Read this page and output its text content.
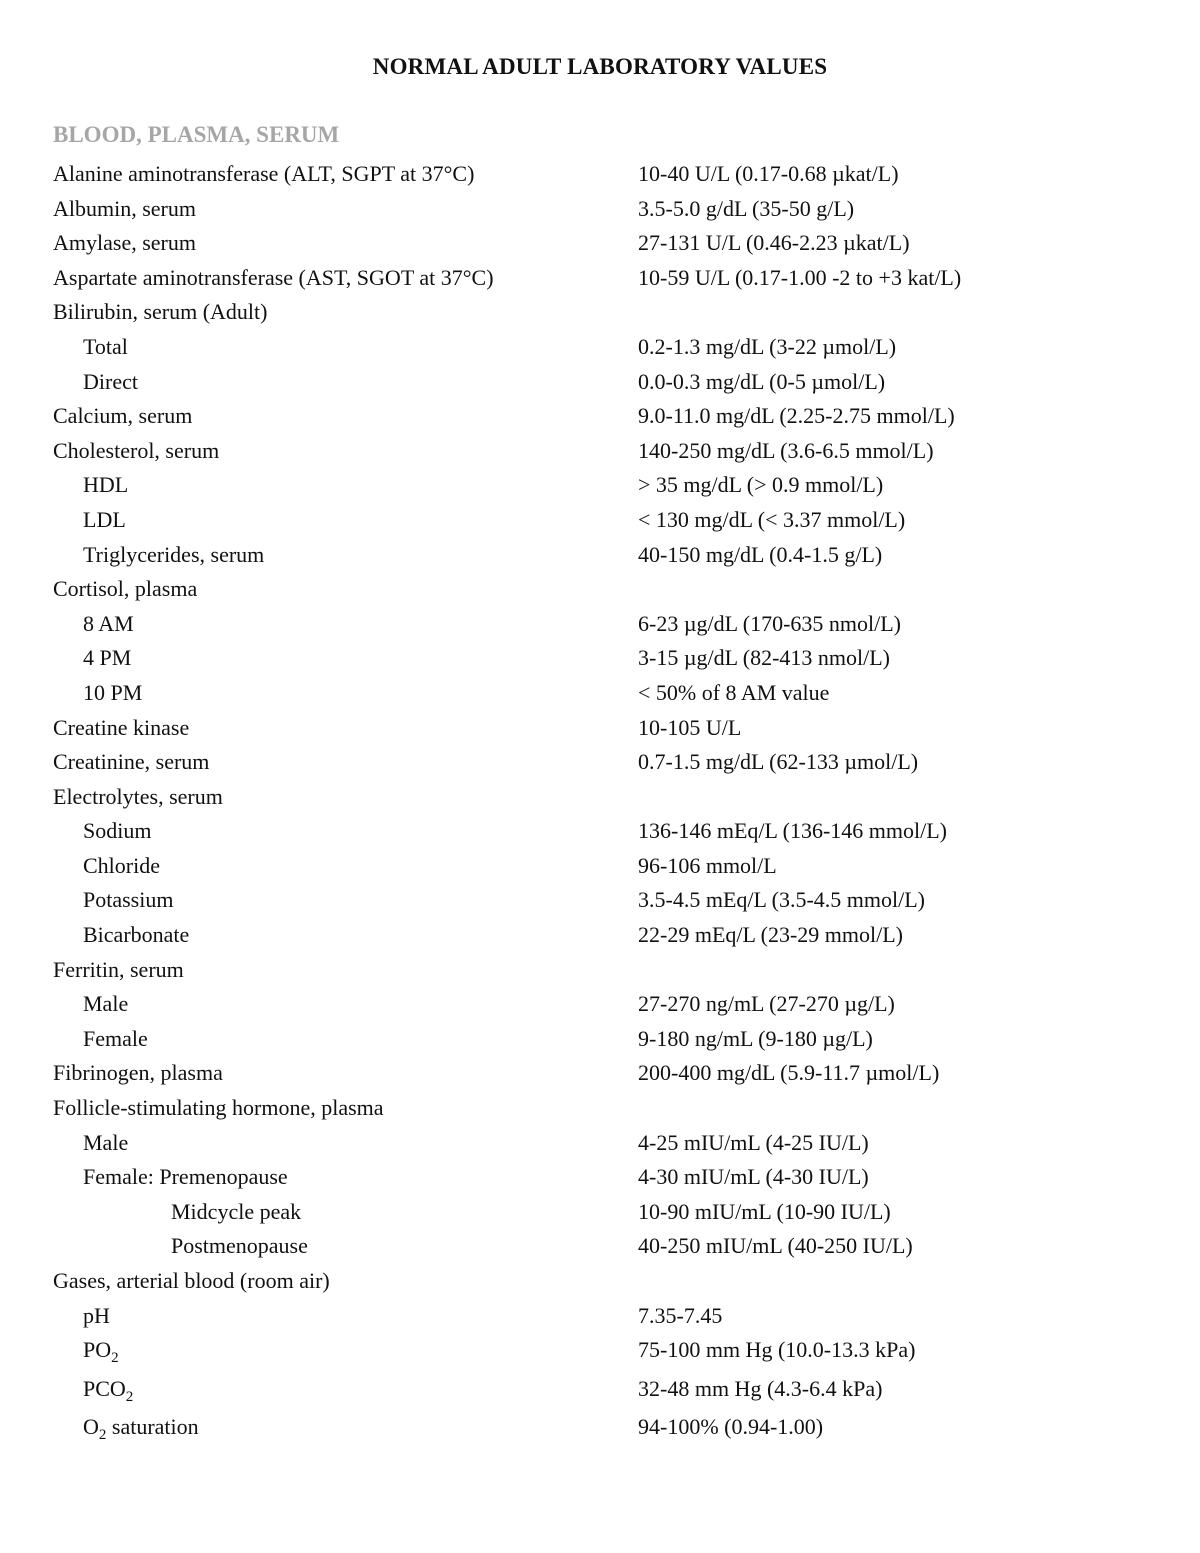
NORMAL ADULT LABORATORY VALUES
BLOOD, PLASMA, SERUM
Alanine aminotransferase (ALT, SGPT at 37°C)	10-40 U/L (0.17-0.68 µkat/L)
Albumin, serum	3.5-5.0 g/dL (35-50 g/L)
Amylase, serum	27-131 U/L (0.46-2.23 µkat/L)
Aspartate aminotransferase (AST, SGOT at 37°C)	10-59 U/L (0.17-1.00 -2 to +3 kat/L)
Bilirubin, serum (Adult)
Total	0.2-1.3 mg/dL (3-22 µmol/L)
Direct	0.0-0.3 mg/dL (0-5 µmol/L)
Calcium, serum	9.0-11.0 mg/dL (2.25-2.75 mmol/L)
Cholesterol, serum	140-250 mg/dL (3.6-6.5 mmol/L)
HDL	> 35 mg/dL (> 0.9 mmol/L)
LDL	< 130 mg/dL (< 3.37 mmol/L)
Triglycerides, serum	40-150 mg/dL (0.4-1.5 g/L)
Cortisol, plasma
8 AM	6-23 µg/dL (170-635 nmol/L)
4 PM	3-15 µg/dL (82-413 nmol/L)
10 PM	< 50% of 8 AM value
Creatine kinase	10-105 U/L
Creatinine, serum	0.7-1.5 mg/dL (62-133 µmol/L)
Electrolytes, serum
Sodium	136-146 mEq/L (136-146 mmol/L)
Chloride	96-106 mmol/L
Potassium	3.5-4.5 mEq/L (3.5-4.5 mmol/L)
Bicarbonate	22-29 mEq/L (23-29 mmol/L)
Ferritin, serum
Male	27-270 ng/mL (27-270 µg/L)
Female	9-180 ng/mL (9-180 µg/L)
Fibrinogen, plasma	200-400 mg/dL (5.9-11.7 µmol/L)
Follicle-stimulating hormone, plasma
Male	4-25 mIU/mL (4-25 IU/L)
Female: Premenopause	4-30 mIU/mL (4-30 IU/L)
Midcycle peak	10-90 mIU/mL (10-90 IU/L)
Postmenopause	40-250 mIU/mL (40-250 IU/L)
Gases, arterial blood (room air)
pH	7.35-7.45
$PO_2$	75-100 mm Hg (10.0-13.3 kPa)
$PCO_2$	32-48 mm Hg (4.3-6.4 kPa)
$O_2$ saturation	94-100% (0.94-1.00)
